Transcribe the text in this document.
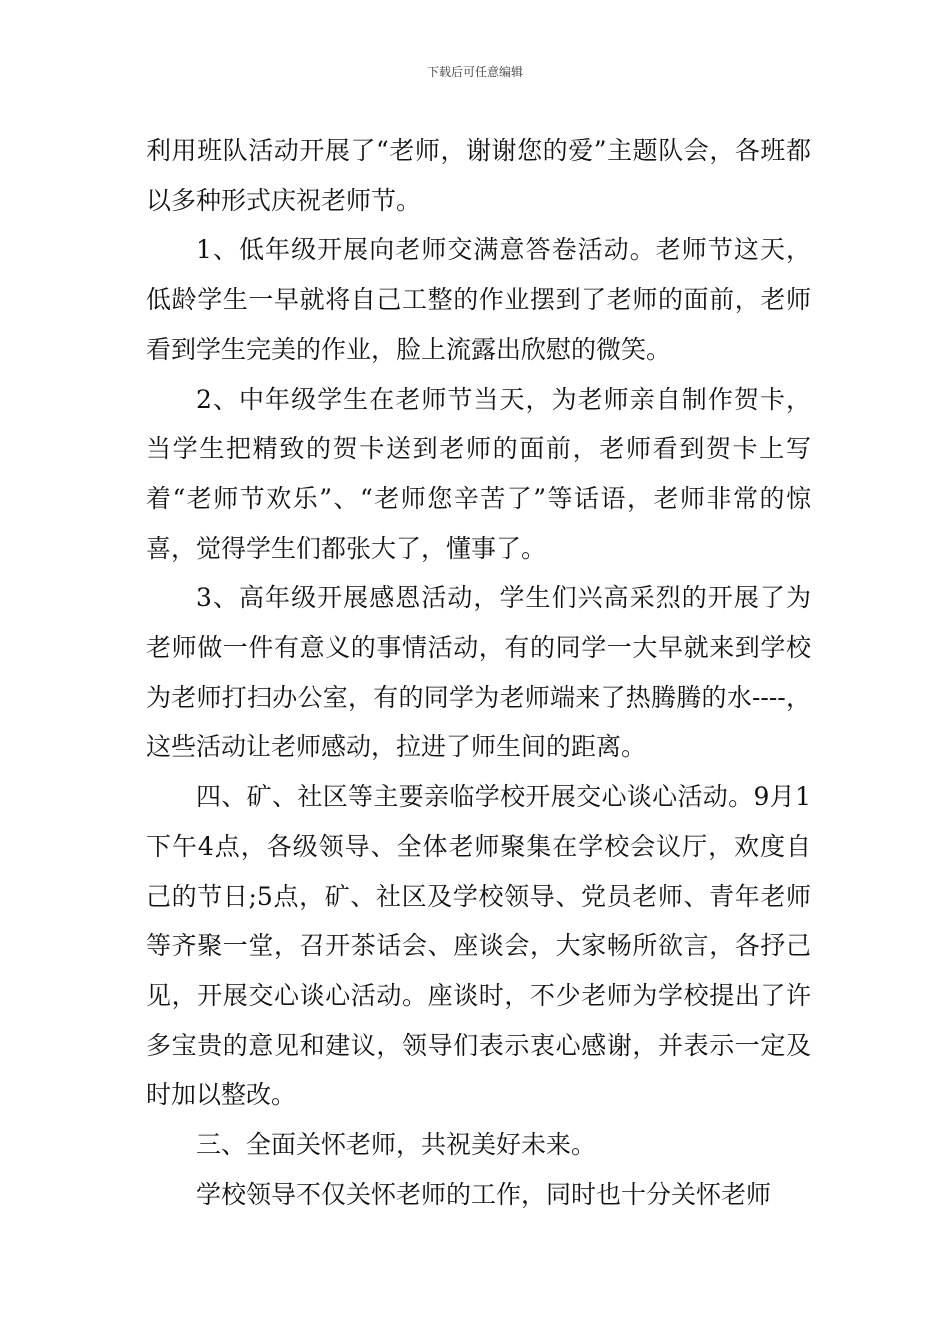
下载后可任意编辑

利用班队活动开展了“老师，谢谢您的爱”主题队会，各班都以多种形式庆祝老师节。

1、低年级开展向老师交满意答卷活动。老师节这天，低龄学生一早就将自己工整的作业摆到了老师的面前，老师看到学生完美的作业，脸上流露出欣慰的微笑。

2、中年级学生在老师节当天，为老师亲自制作贺卡，当学生把精致的贺卡送到老师的面前，老师看到贺卡上写着“老师节欢乐”、“老师您辛苦了”等话语，老师非常的惊喜，觉得学生们都张大了，懂事了。

3、高年级开展感恩活动，学生们兴高采烈的开展了为老师做一件有意义的事情活动，有的同学一大早就来到学校为老师打扫办公室，有的同学为老师端来了热腾腾的水----，这些活动让老师感动，拉进了师生间的距离。

四、矿、社区等主要亲临学校开展交心谈心活动。9月1下午4点，各级领导、全体老师聚集在学校会议厅，欢度自己的节日;5点，矿、社区及学校领导、党员老师、青年老师等齐聚一堂，召开茶话会、座谈会，大家畅所欲言，各抒己见，开展交心谈心活动。座谈时，不少老师为学校提出了许多宝贵的意见和建议，领导们表示衷心感谢，并表示一定及时加以整改。

三、全面关怀老师，共祝美好未来。

学校领导不仅关怀老师的工作，同时也十分关怀老师
